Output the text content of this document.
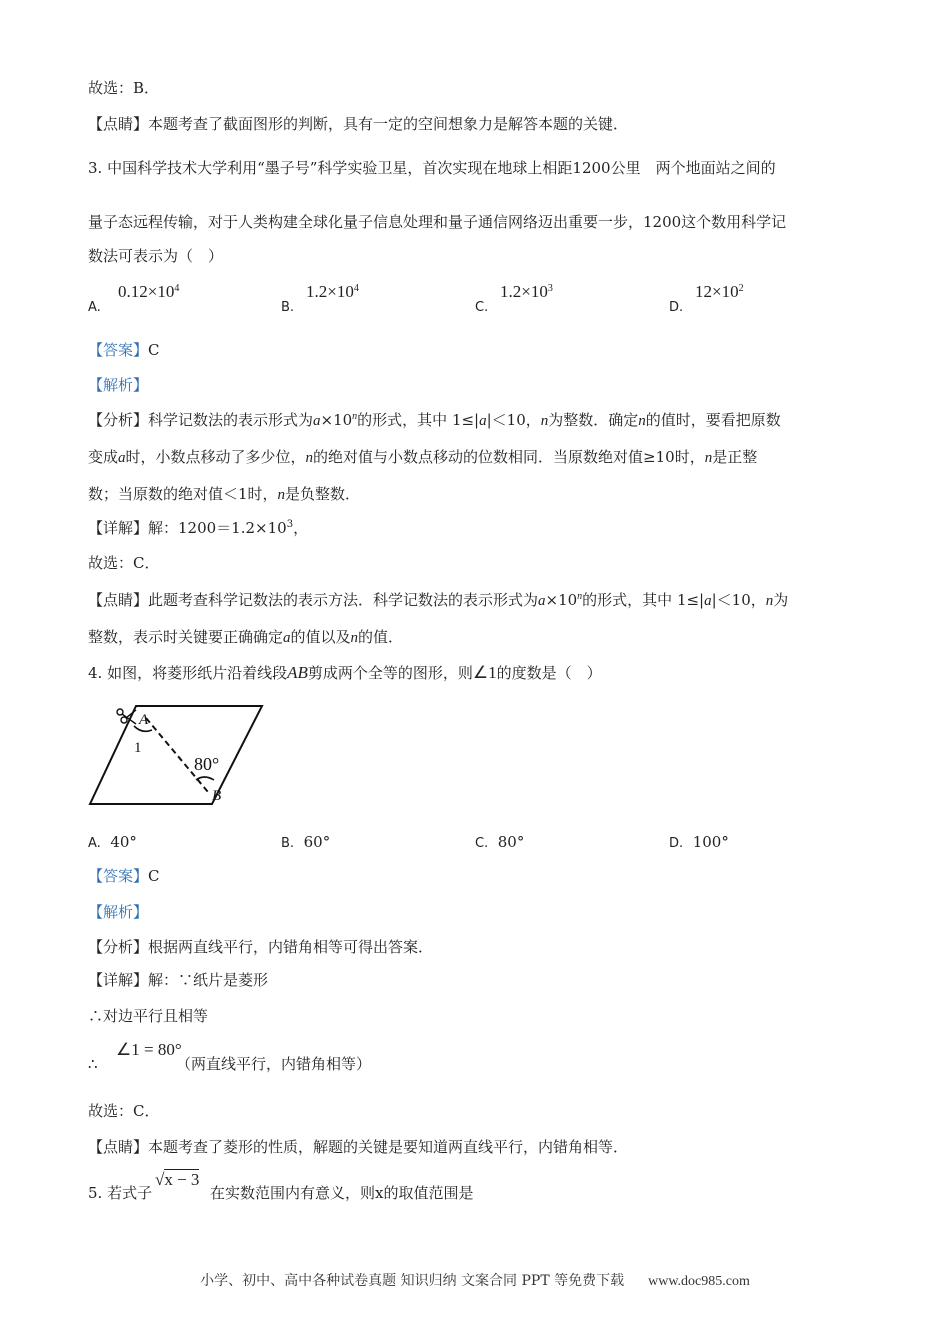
故选：B．
【点睛】本题考查了截面图形的判断，具有一定的空间想象力是解答本题的关键．
3. 中国科学技术大学利用“墨子号”科学实验卫星，首次实现在地球上相距1200公里　两个地面站之间的
量子态远程传输，对于人类构建全球化量子信息处理和量子通信网络迈出重要一步，1200这个数用科学记
数法可表示为（　）
A.
$0.12\times 10^4$
B.
$1.2\times 10^4$
C.
$1.2\times 10^3$
D.
$12\times 10^2$
【答案】C
【解析】
【分析】科学记数法的表示形式为$a\times 10^n$的形式，其中 1≤|a|＜10，n为整数．确定n的值时，要看把原数
变成a时，小数点移动了多少位，n的绝对值与小数点移动的位数相同．当原数绝对值≥10时，n是正整
数；当原数的绝对值＜1时，n是负整数．
【详解】解：$1200=1.2\times 10^3$，
故选：C．
【点睛】此题考查科学记数法的表示方法．科学记数法的表示形式为$a\times 10^n$的形式，其中 1≤|a|＜10，n为
整数，表示时关键要正确确定a的值以及n的值．
4. 如图，将菱形纸片沿着线段AB剪成两个全等的图形，则∠1的度数是（　）
A
1
80°
B
A. 40°	B. 60°	C. 80°	D. 100°
【答案】C
【解析】
【分析】根据两直线平行，内错角相等可得出答案．
【详解】解：∵纸片是菱形
∴对边平行且相等
∴
∠1 = 80°
（两直线平行，内错角相等）
故选：C．
【点睛】本题考查了菱形的性质，解题的关键是要知道两直线平行，内错角相等．
5. 若式子
√x − 3
在实数范围内有意义，则x的取值范围是
小学、初中、高中各种试卷真题 知识归纳 文案合同 PPT 等免费下载 www.doc985.com
